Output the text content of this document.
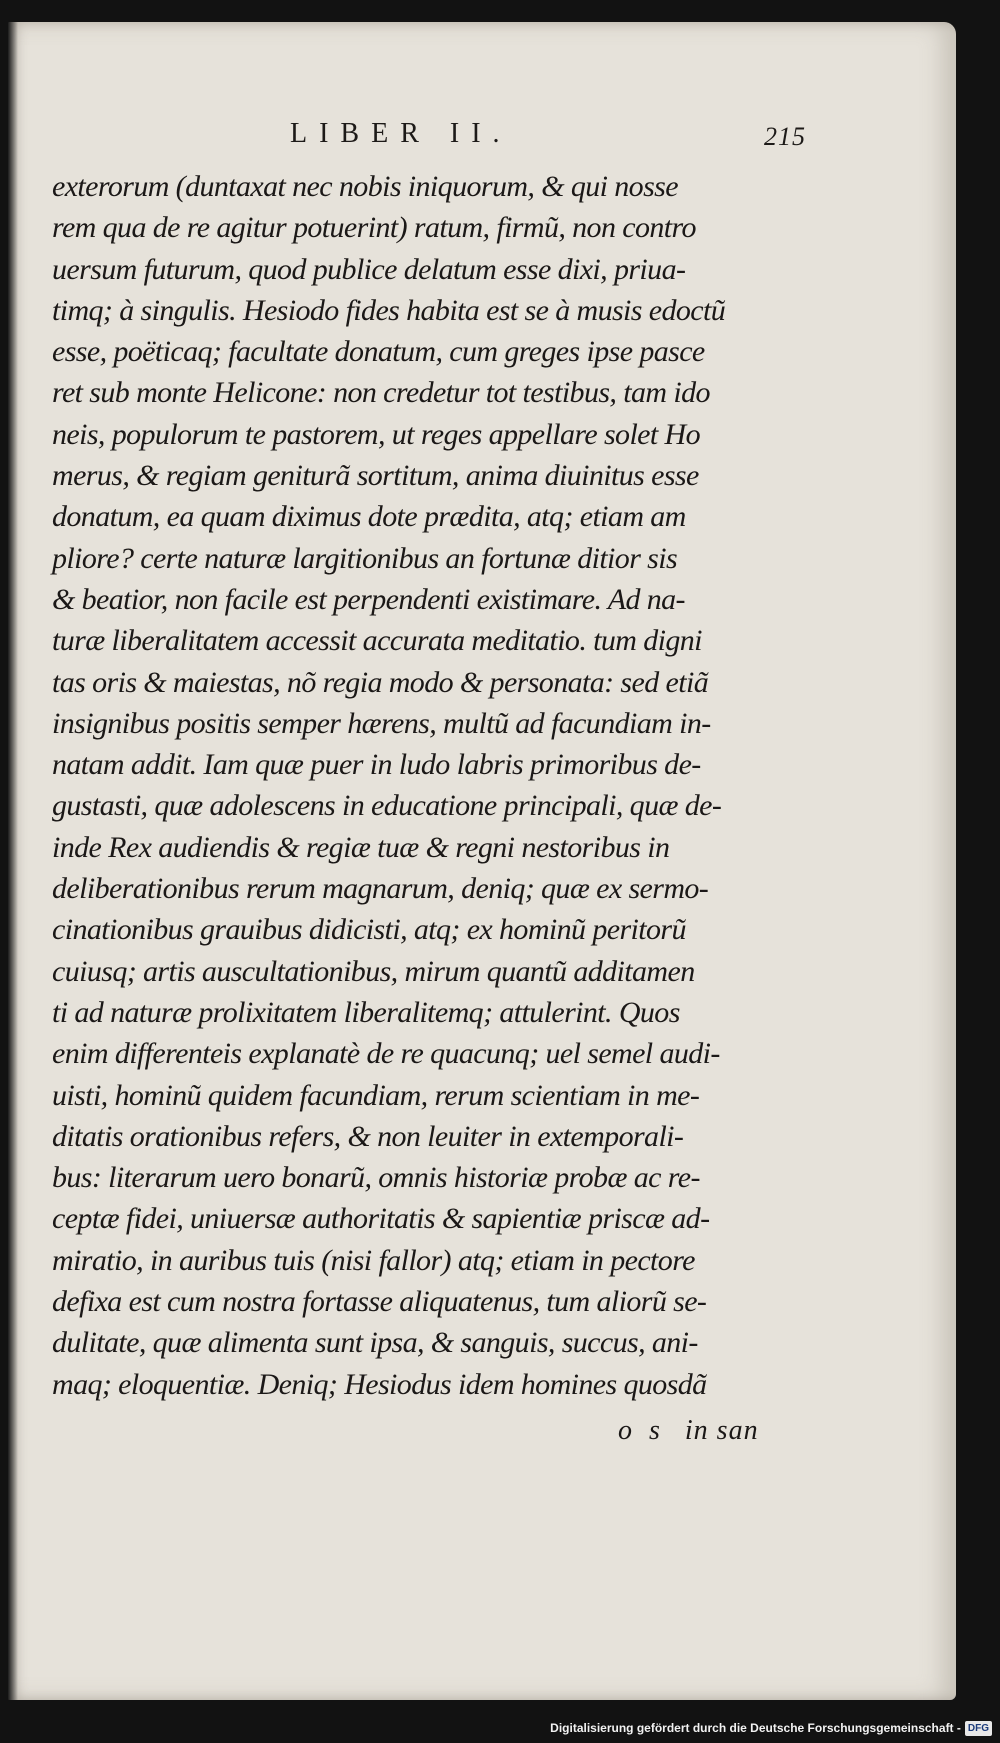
LIBER II.	215
exterorum (duntaxat nec nobis iniquorum, & qui nosse
rem qua de re agitur potuerint) ratum, firmũ, non contro
uersum futurum, quod publice delatum esse dixi, priua-
timq; à singulis. Hesiodo fides habita est se à musis edoctũ
esse, poëticaq; facultate donatum, cum greges ipse pasce
ret sub monte Helicone: non credetur tot testibus, tam ido
neis, populorum te pastorem, ut reges appellare solet Ho
merus, & regiam geniturã sortitum, anima diuinitus esse
donatum, ea quam diximus dote prædita, atq; etiam am
pliore? certe naturæ largitionibus an fortunæ ditior sis
& beatior, non facile est perpendenti existimare. Ad na-
turæ liberalitatem accessit accurata meditatio. tum digni
tas oris & maiestas, nõ regia modo & personata: sed etiã
insignibus positis semper hærens, multũ ad facundiam in-
natam addit. Iam quæ puer in ludo labris primoribus de-
gustasti, quæ adolescens in educatione principali, quæ de-
inde Rex audiendis & regiæ tuæ & regni nestoribus in
deliberationibus rerum magnarum, deniq; quæ ex sermo-
cinationibus grauibus didicisti, atq; ex hominũ peritorũ
cuiusq; artis auscultationibus, mirum quantũ additamen
ti ad naturæ prolixitatem liberalitemq; attulerint. Quos
enim differenteis explanatè de re quacunq; uel semel audi-
uisti, hominũ quidem facundiam, rerum scientiam in me-
ditatis orationibus refers, & non leuiter in extemporali-
bus: literarum uero bonarũ, omnis historiæ probæ ac re-
ceptæ fidei, uniuersæ authoritatis & sapientiæ priscæ ad-
miratio, in auribus tuis (nisi fallor) atq; etiam in pectore
defixa est cum nostra fortasse aliquatenus, tum aliorũ se-
dulitate, quæ alimenta sunt ipsa, & sanguis, succus, ani-
maq; eloquentiæ. Deniq; Hesiodus idem homines quosdã
o  s   in san
Digitalisierung gefördert durch die Deutsche Forschungsgemeinschaft - DFG
